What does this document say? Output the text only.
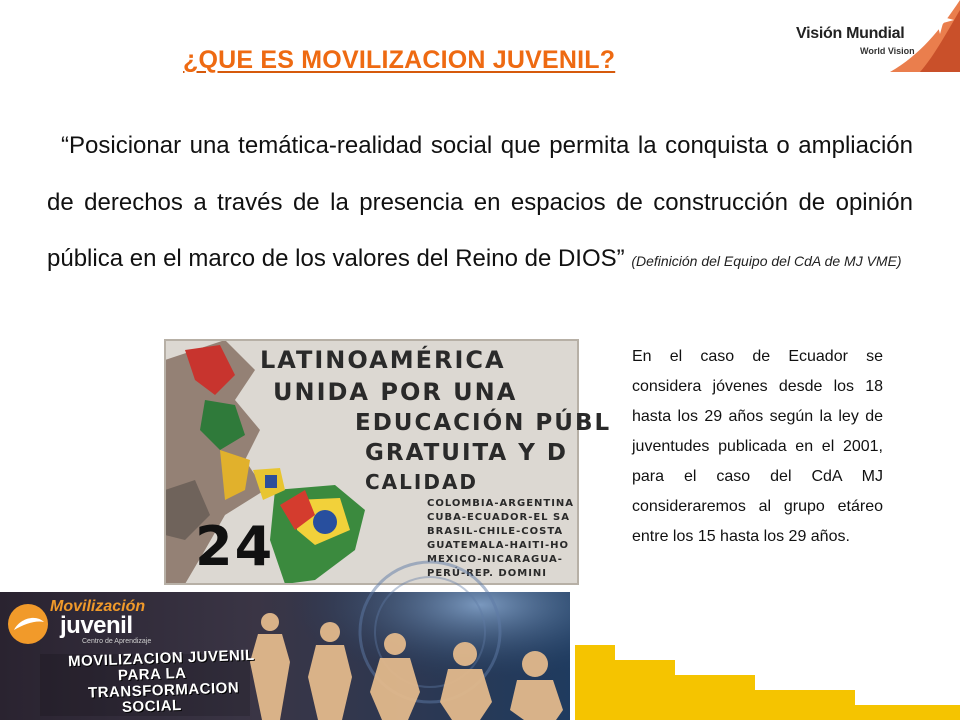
¿QUE ES MOVILIZACION JUVENIL?
Visión Mundial
World Vision
“Posicionar una temática-realidad social que permita la conquista o ampliación de derechos a través de la presencia en espacios de construcción de opinión pública en el marco de los valores del Reino de DIOS” (Definición del Equipo del CdA de MJ VME)
LATINOAMÉRICA
UNIDA POR UNA
EDUCACIÓN PÚBL
GRATUITA Y D
CALIDAD
COLOMBIA-ARGENTINA
CUBA-ECUADOR-EL SA
BRASIL-CHILE-COSTA
GUATEMALA-HAITI-HO
MEXICO-NICARAGUA-
PERÚ-REP. DOMINI
24
En el caso de Ecuador se considera jóvenes desde los 18 hasta los 29 años según la ley de juventudes publicada en el 2001, para el caso del CdA MJ consideraremos al grupo etáreo entre los 15 hasta los 29 años.
Movilización
juvenil
Centro de Aprendizaje
MOVILIZACION JUVENIL
PARA LA
TRANSFORMACION
SOCIAL
